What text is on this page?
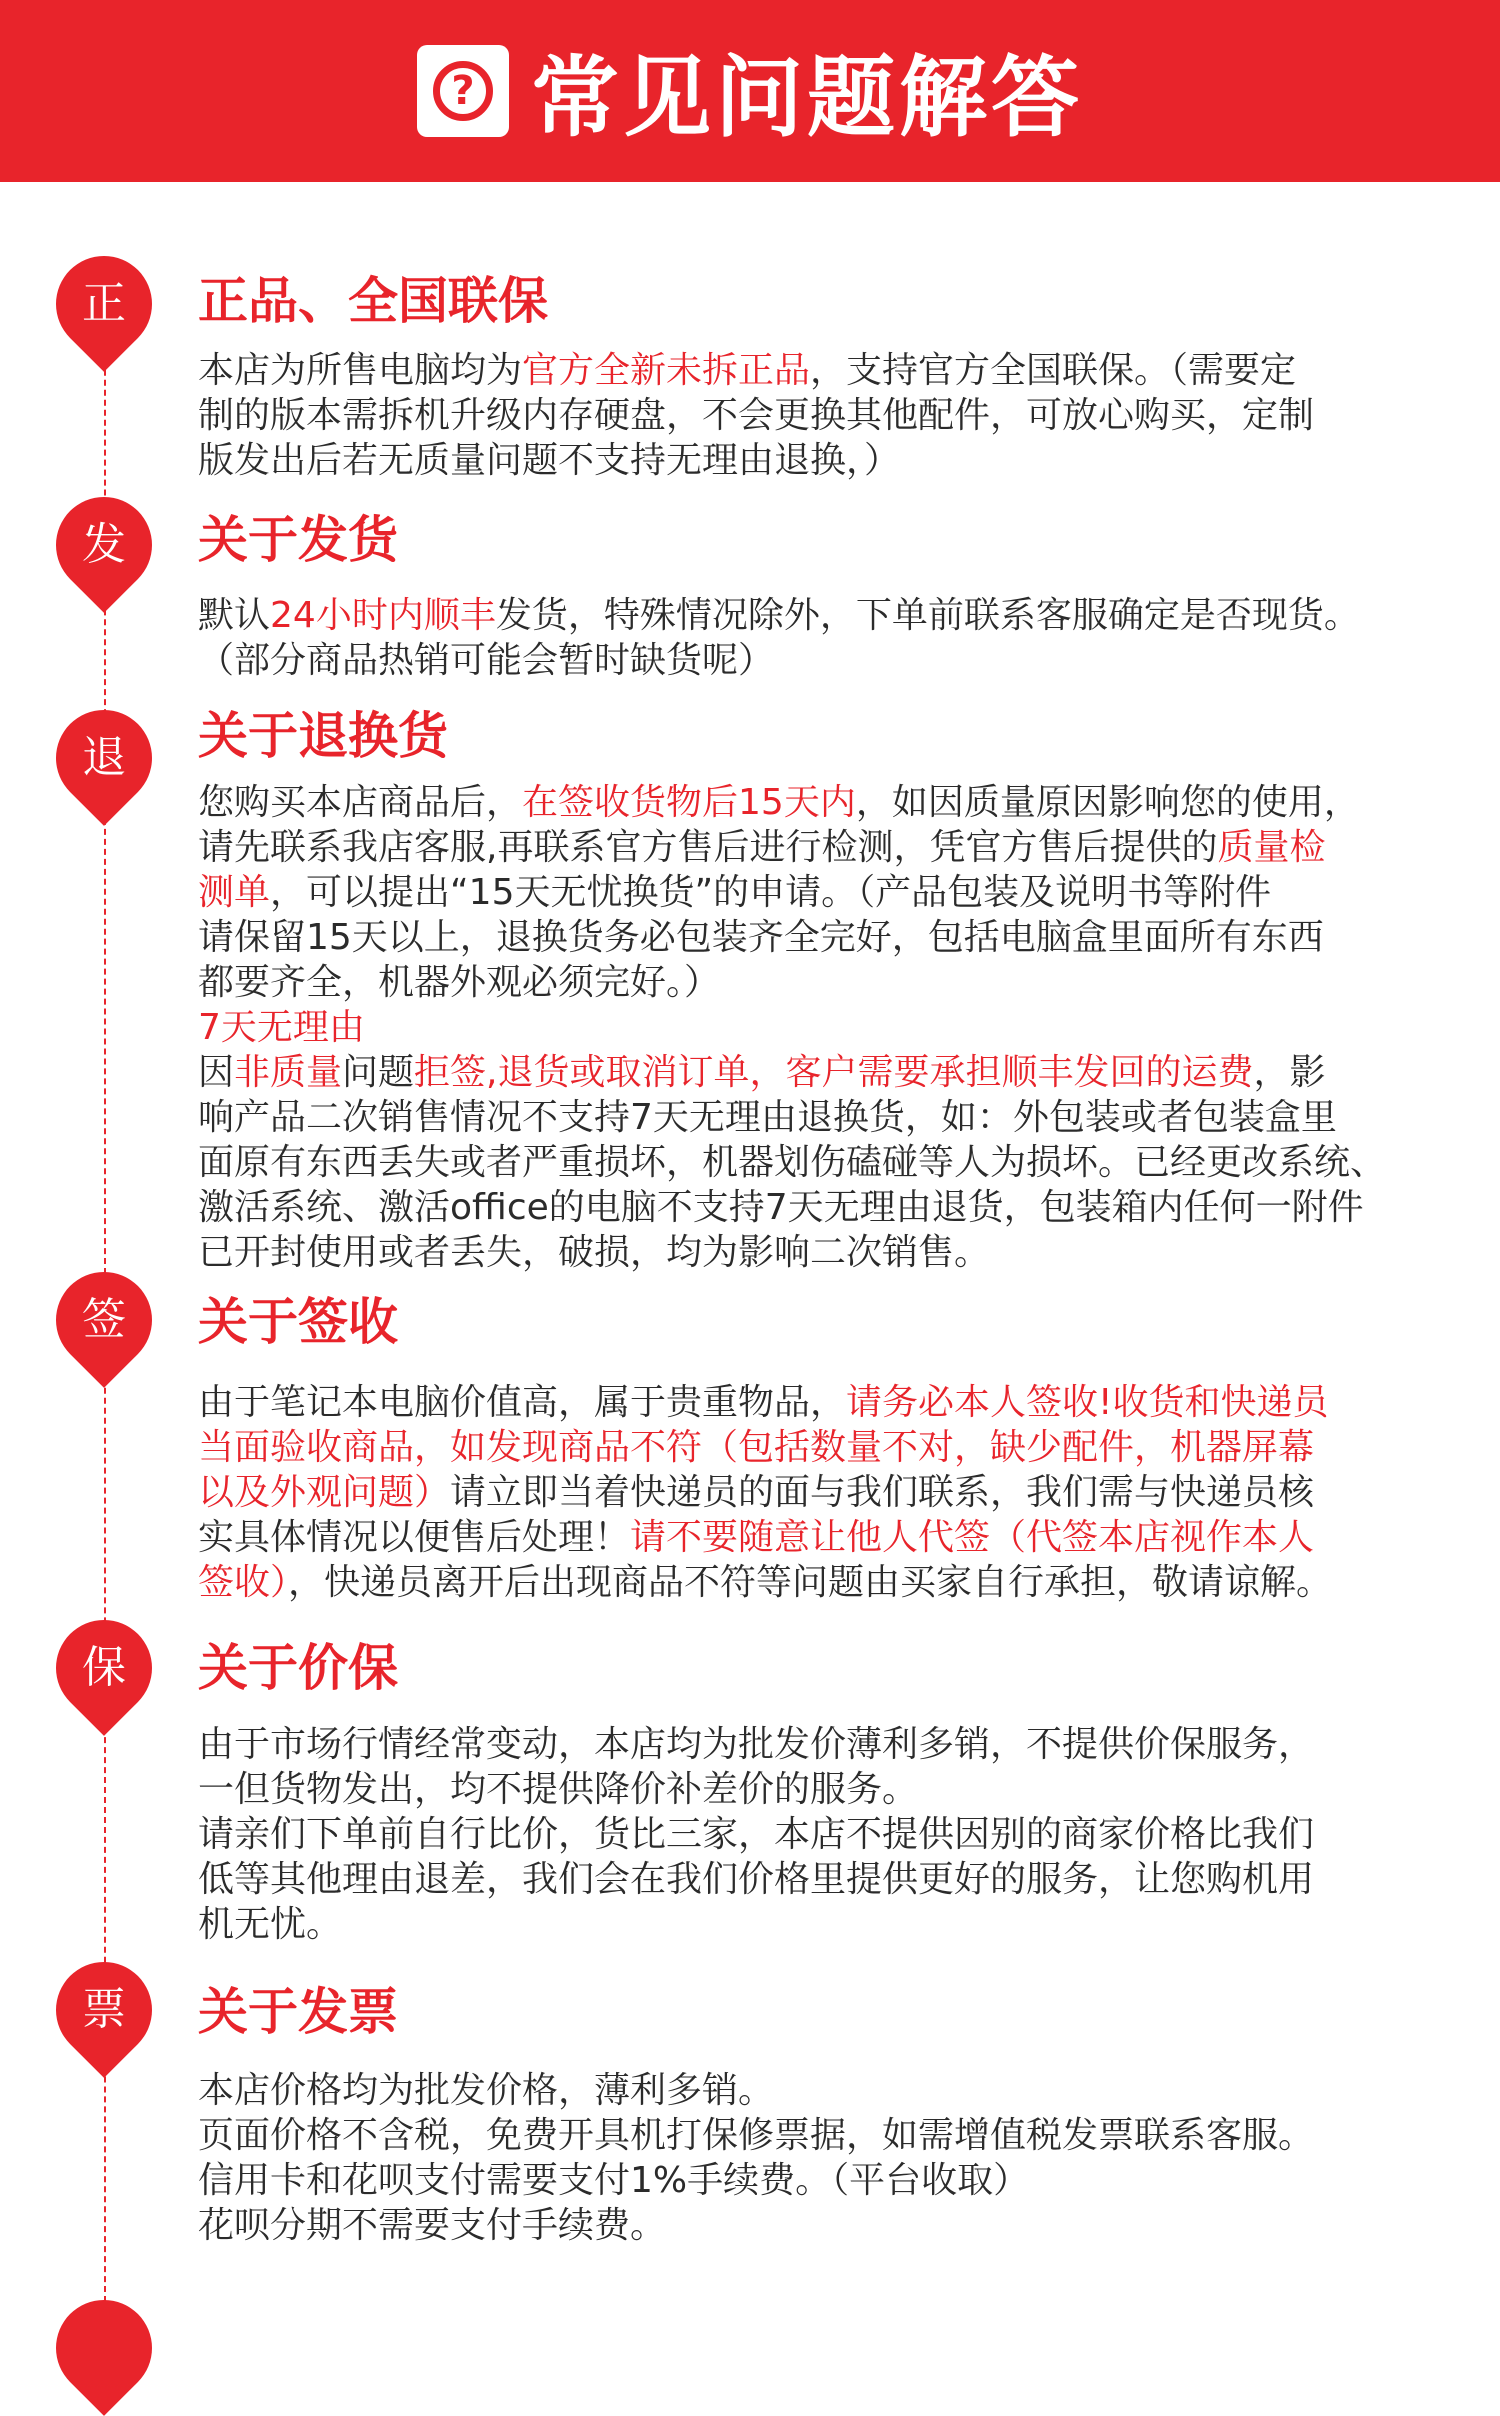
? 常见问题解答
正 正品、全国联保

本店为所售电脑均为官方全新未拆正品，支持官方全国联保。（需要定

制的版本需拆机升级内存硬盘，不会更换其他配件，可放心购买，定制

版发出后若无质量问题不支持无理由退换，）

发 关于发货

默认24小时内顺丰发货，特殊情况除外，下单前联系客服确定是否现货。

（部分商品热销可能会暂时缺货呢）

退 关于退换货

您购买本店商品后，在签收货物后15天内，如因质量原因影响您的使用，

请先联系我店客服,再联系官方售后进行检测，凭官方售后提供的质量检

测单，可以提出“15天无忧换货”的申请。（产品包装及说明书等附件

请保留15天以上，退换货务必包装齐全完好，包括电脑盒里面所有东西

都要齐全，机器外观必须完好。）

7天无理由

因非质量问题拒签,退货或取消订单，客户需要承担顺丰发回的运费，影

响产品二次销售情况不支持7天无理由退换货，如：外包装或者包装盒里

面原有东西丢失或者严重损坏，机器划伤磕碰等人为损坏。已经更改系统、

激活系统、激活office的电脑不支持7天无理由退货，包装箱内任何一附件

已开封使用或者丢失，破损，均为影响二次销售。

签 关于签收

由于笔记本电脑价值高，属于贵重物品，请务必本人签收!收货和快递员

当面验收商品，如发现商品不符（包括数量不对，缺少配件，机器屏幕

以及外观问题）请立即当着快递员的面与我们联系，我们需与快递员核

实具体情况以便售后处理！请不要随意让他人代签（代签本店视作本人

签收），快递员离开后出现商品不符等问题由买家自行承担，敬请谅解。

保 关于价保

由于市场行情经常变动，本店均为批发价薄利多销，不提供价保服务，

一但货物发出，均不提供降价补差价的服务。

请亲们下单前自行比价，货比三家，本店不提供因别的商家价格比我们

低等其他理由退差，我们会在我们价格里提供更好的服务，让您购机用

机无忧。

票 关于发票

本店价格均为批发价格，薄利多销。

页面价格不含税，免费开具机打保修票据，如需增值税发票联系客服。

信用卡和花呗支付需要支付1%手续费。（平台收取）

花呗分期不需要支付手续费。
